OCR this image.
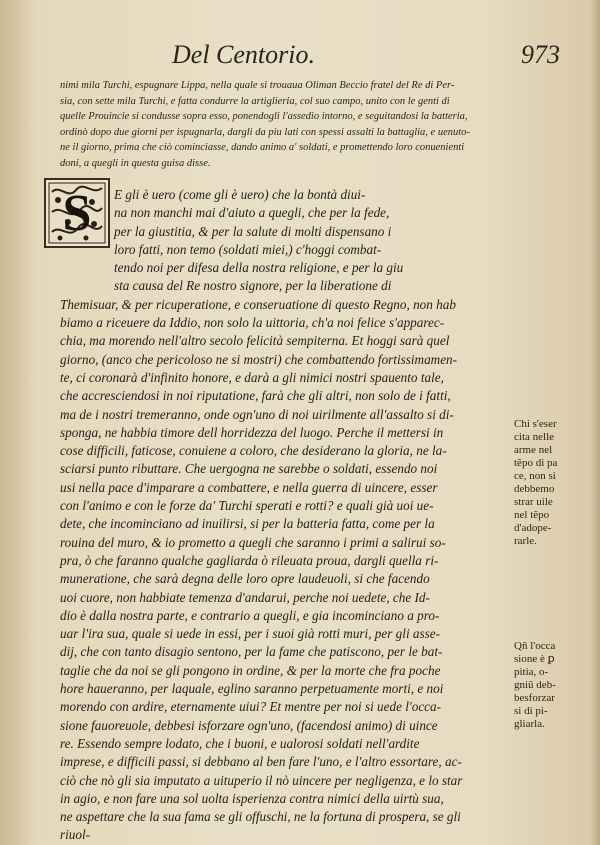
Del Centorio.	973
nimi mila Turchi, espugnare Lippa, nella quale si trouaua Oliman Beccio fratel del Re di Per-
sia, con sette mila Turchi, e fatta condurre la artiglieria, col suo campo, unito con le genti di
quelle Prouincie si condusse sopra esso, ponendogli l'assedio intorno, e seguitandosi la batteria,
ordinò dopo due giorni per ispugnarla, dargli da piu lati con spessi assalti la battaglia, e uenuto-
ne il giorno, prima che ciò cominciasse, dando animo a' soldati, e promettendo loro conuenienti
doni, a quegli in questa guisa disse.
S	E gli è uero (come gli è uero) che la bontà diui-
na non manchi mai d'aiuto a quegli, che per la fede,
per la giustitia, & per la salute di molti dispensano i
loro fatti, non temo (soldati miei,) c'hoggi combat-
tendo noi per difesa della nostra religione, e per la giu
sta causa del Re nostro signore, per la liberatione di
Themisuar, & per ricuperatione, e conseruatione di questo Regno, non hab
biamo a riceuere da Iddio, non solo la uittoria, ch'a noi felice s'apparec-
chia, ma morendo nell'altro secolo felicità sempiterna. Et hoggi sarà quel
giorno, (anco che pericoloso ne si mostri) che combattendo fortissimamen-
te, ci coronarà d'infinito honore, e darà a gli nimici nostri spauento tale,
che accresciendosi in noi riputatione, farà che gli altri, non solo de i fatti,
ma de i nostri tremeranno, onde ogn'uno di noi uirilmente all'assalto si di-
sponga, ne habbia timore dell horridezza del luogo. Perche il mettersi in
cose difficili, faticose, conuiene a coloro, che desiderano la gloria, ne la-
sciarsi punto ributtare. Che uergogna ne sarebbe o soldati, essendo noi
usi nella pace d'imparare a combattere, e nella guerra di uincere, esser
con l'animo e con le forze da' Turchi sperati e rotti? e quali già uoi ue-
dete, che incominciano ad inuilirsi, si per la batteria fatta, come per la
rouina del muro, & io prometto a quegli che saranno i primi a salirui so-
pra, ò che faranno qualche gagliarda ò rileuata proua, dargli quella ri-
muneratione, che sarà degna delle loro opre laudeuoli, si che facendo
uoi cuore, non habbiate temenza d'andarui, perche noi uedete, che Id-
dio è dalla nostra parte, e contrario a quegli, e gia incominciano a pro-
uar l'ira sua, quale si uede in essi, per i suoi già rotti muri, per gli asse-
dij, che con tanto disagio sentono, per la fame che patiscono, per le bat-
taglie che da noi se gli pongono in ordine, & per la morte che fra poche
hore haueranno, per laquale, eglino saranno perpetuamente morti, e noi
morendo con ardire, eternamente uiui? Et mentre per noi si uede l'occa-
sione fauoreuole, debbesi isforzare ogn'uno, (facendosi animo) di uince
re. Essendo sempre lodato, che i buoni, e ualorosi soldati nell'ardite
imprese, e difficili passi, si debbano al ben fare l'uno, e l'altro essortare, ac-
ciò che nò gli sia imputato a uituperio il nò uincere per negligenza, e lo star
in agio, e non fare una sol uolta isperienza contra nimici della uirtù sua,
ne aspettare che la sua fama se gli offuschi, ne la fortuna di prospera, se gli
riuol-
Chi s'eser
cita nelle
arme nel
tẽpo di pa
ce, non si
debbemo
strar uile
nel tẽpo
d'adope-
rarle.
Qñ l'occa
sione è ꝑ
pitia, o-
gniũ deb-
besforzar
si di pi-
gliarla.
